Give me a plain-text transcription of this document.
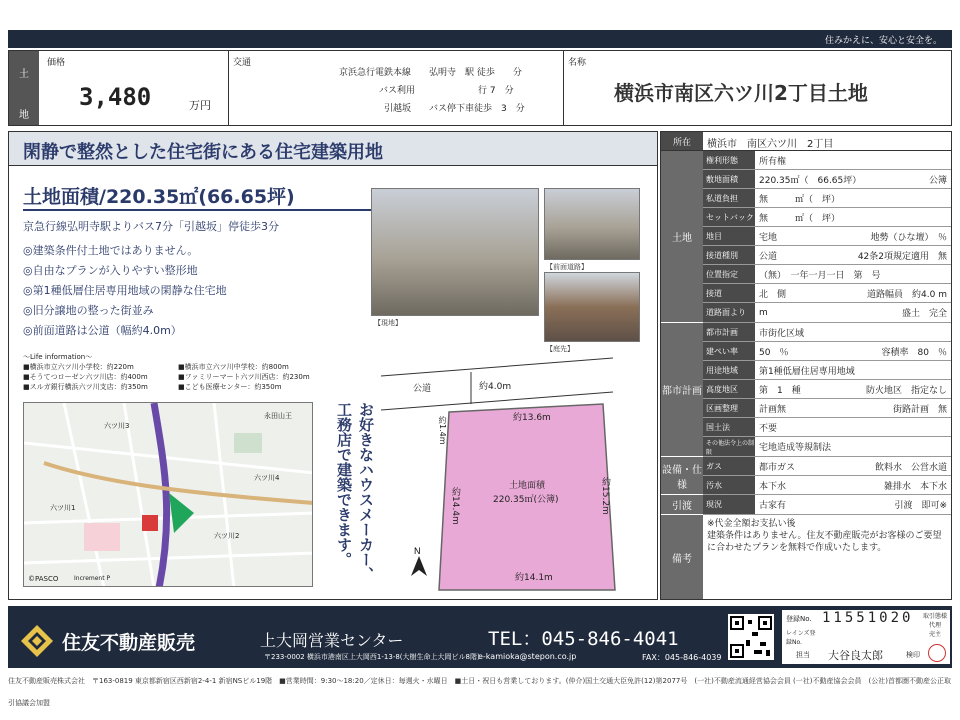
住みかえに、安心と安全を。
土
地
価格
3,480	万円
交通
京浜急行電鉄本線　　弘明寺　駅 徒歩　　分
バス利用　　　　　　　行 7　分
引越坂　　バス停下車徒歩　3　分
名称
横浜市南区六ツ川2丁目土地
閑静で整然とした住宅街にある住宅建築用地
土地面積/220.35㎡(66.65坪)
京急行線弘明寺駅よりバス7分「引越坂」停徒歩3分
◎建築条件付土地ではありません。
◎自由なプランが入りやすい整形地
◎第1種低層住居専用地域の閑静な住宅地
◎旧分譲地の整った街並み
◎前面道路は公道（幅約4.0m）
～Life information～
■横浜市立六ツ川小学校：約220m	■横浜市立六ツ川中学校：約800m
■そうてつローゼン六ツ川店：約400m	■ファミリーマート六ツ川西店：約230m
■スルガ銀行横浜六ツ川支店：約350m	■こども医療センター：約350m
【現地】
【前面道路】
【庭先】
六ツ川3
六ツ川4
六ツ川1
六ツ川2
永田山王
©PASCO	Increment P	お好きなハウスメーカー、工務店で建築できます。	N
公道	約4.0m
約13.6m
約1.4m
約14.4m	約15.2m
約14.1m
土地面積
220.35㎡(公簿)
所在	横浜市　南区六ツ川　2丁目
土地
権利形態	所有権
敷地面積	220.35㎡（　66.65坪）	公簿
私道負担	無　　　㎡（　坪）
セットバック 無　　　㎡（　坪）
地目	宅地	地勢（ひな壇）　％
接道種別	公道	42条2項規定適用　無
位置指定	（無）　一年一月一日　第　号
接道	北　側	道路幅員　約4.0 m
道路面より	m	盛土　完全
都市計画
都市計画	市街化区域
建ぺい率	50　％	容積率　80　％
用途地域	第1種低層住居専用地域
高度地区	第　1　種	防火地区　指定なし
区画整理	計画無	街路計画　無
国土法	不要
その他法令上の制限	宅地造成等規制法
設備・仕様
ガス	都市ガス	飲料水　公営水道
汚水	本下水	雑排水　本下水
引渡	現況	古家有	引渡　即可※
備考
※代金全額お支払い後
建築条件はありません。住友不動産販売がお客様のご要望に合わせたプランを無料で作成いたします。
住友不動産販売	上大岡営業センター	TEL：045-846-4041
〒233-0002 横浜市港南区上大岡西1-13-8(大樹生命上大岡ビル8階)
e-kamioka@stepon.co.jp	FAX：045-846-4039
登録No. 11551020
レインズ登録No.
担当 大谷良太郎	検印
取引態様
代理
売主
住友不動産販売株式会社　〒163-0819 東京都新宿区西新宿2-4-1 新宿NSビル19階　■営業時間：9:30～18:20／定休日：毎週火・水曜日　■土日・祝日も営業しております。(仲介)国土交通大臣免許(12)第2077号　(一社)不動産流通経営協会会員 (一社)不動産協会会員　(公社)首都圏不動産公正取引協議会加盟
